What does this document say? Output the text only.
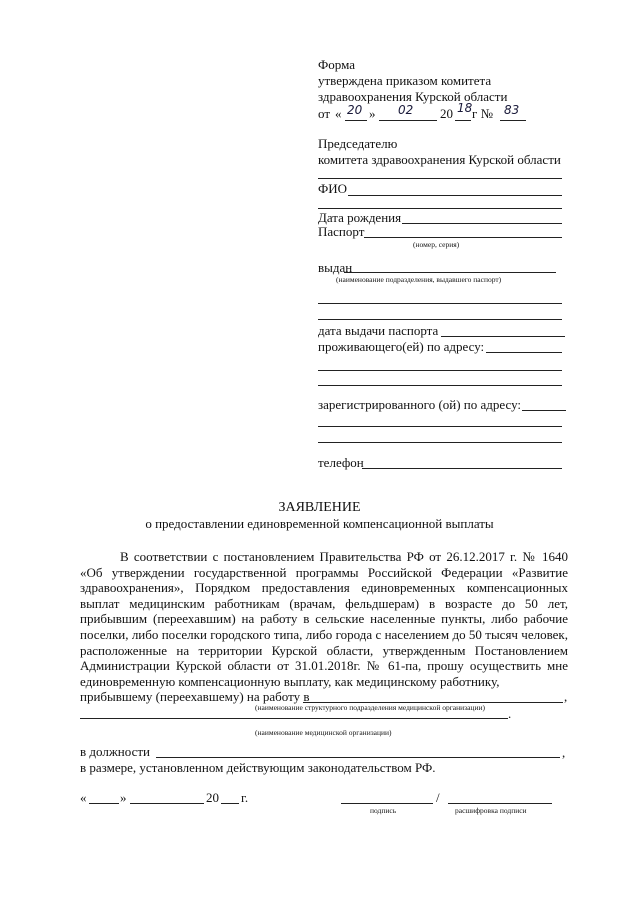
Форма
утверждена приказом комитета
здравоохранения Курской области
от « 20 » 02 20 18 г № 83
Председателю
комитета здравоохранения Курской области
ФИО
Дата рождения
Паспорт
(номер, серия)
выдан
(наименование подразделения, выдавшего паспорт)
дата выдачи паспорта
проживающего(ей) по адресу:
зарегистрированного (ой) по адресу:
телефон
ЗАЯВЛЕНИЕ
о предоставлении единовременной компенсационной выплаты

В соответствии с постановлением Правительства РФ от 26.12.2017 г. № 1640 «Об утверждении государственной программы Российской Федерации «Развитие здравоохранения», Порядком предоставления единовременных компенсационных выплат медицинским работникам (врачам, фельдшерам) в возрасте до 50 лет, прибывшим (переехавшим) на работу в сельские населенные пункты, либо рабочие поселки, либо поселки городского типа, либо города с населением до 50 тысяч человек, расположенные на территории Курской области, утвержденным Постановлением Администрации Курской области от 31.01.2018г. № 61-па, прошу осуществить мне единовременную компенсационную выплату, как медицинскому работнику,

прибывшему (переехавшему) на работу в	,
(наименование структурного подразделения медицинской организации) .
(наименование медицинской организации)
в должности	,
в размере, установленном действующим законодательством РФ.
«	»	20 г.	/
подпись	расшифровка подписи
